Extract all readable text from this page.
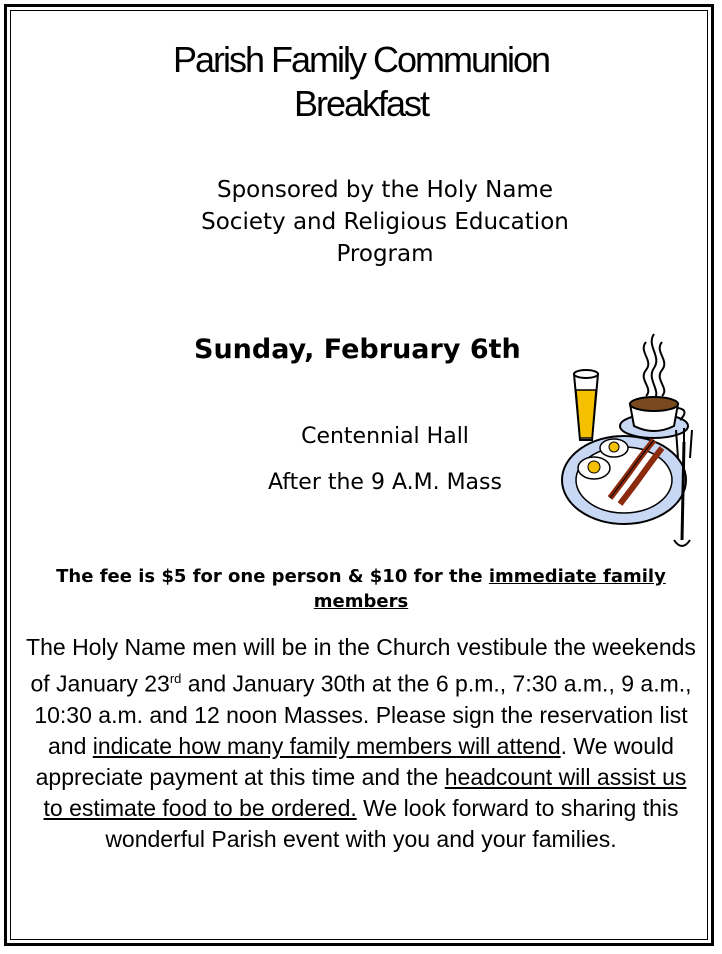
Parish Family Communion
Breakfast
Sponsored by the Holy Name
Society and Religious Education
Program
Sunday, February 6th
Centennial Hall
After the 9 A.M. Mass
The fee is $5 for one person & $10 for the immediate family members
The Holy Name men will be in the Church vestibule the weekends of January 23rd and January 30th at the 6 p.m., 7:30 a.m., 9 a.m., 10:30 a.m. and 12 noon Masses. Please sign the reservation list and indicate how many family members will attend. We would appreciate payment at this time and the headcount will assist us to estimate food to be ordered. We look forward to sharing this wonderful Parish event with you and your families.
